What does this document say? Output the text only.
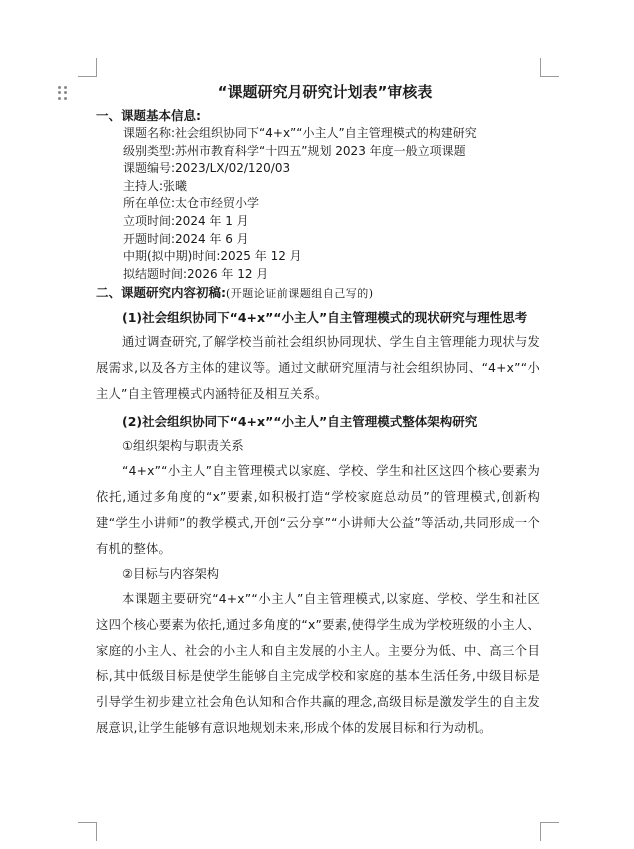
“课题研究月研究计划表”审核表
一、课题基本信息:
课题名称:社会组织协同下“4+x”“小主人”自主管理模式的构建研究
级别类型:苏州市教育科学“十四五”规划 2023 年度一般立项课题
课题编号:2023/LX/02/120/03
主持人:张曦
所在单位:太仓市经贸小学
立项时间:2024 年 1 月
开题时间:2024 年 6 月
中期(拟中期)时间:2025 年 12 月
拟结题时间:2026 年 12 月
二、课题研究内容初稿:(开题论证前课题组自己写的)
(1)社会组织协同下“4+x”“小主人”自主管理模式的现状研究与理性思考
通过调查研究,了解学校当前社会组织协同现状、学生自主管理能力现状与发展需求,以及各方主体的建议等。通过文献研究厘清与社会组织协同、“4+x”“小主人”自主管理模式内涵特征及相互关系。
(2)社会组织协同下“4+x”“小主人”自主管理模式整体架构研究
①组织架构与职责关系
“4+x”“小主人”自主管理模式以家庭、学校、学生和社区这四个核心要素为依托,通过多角度的“x”要素,如积极打造“学校家庭总动员”的管理模式,创新构建“学生小讲师”的教学模式,开创“云分享”“小讲师大公益”等活动,共同形成一个有机的整体。
②目标与内容架构
本课题主要研究“4+x”“小主人”自主管理模式,以家庭、学校、学生和社区这四个核心要素为依托,通过多角度的“x”要素,使得学生成为学校班级的小主人、家庭的小主人、社会的小主人和自主发展的小主人。主要分为低、中、高三个目标,其中低级目标是使学生能够自主完成学校和家庭的基本生活任务,中级目标是引导学生初步建立社会角色认知和合作共赢的理念,高级目标是激发学生的自主发展意识,让学生能够有意识地规划未来,形成个体的发展目标和行为动机。
